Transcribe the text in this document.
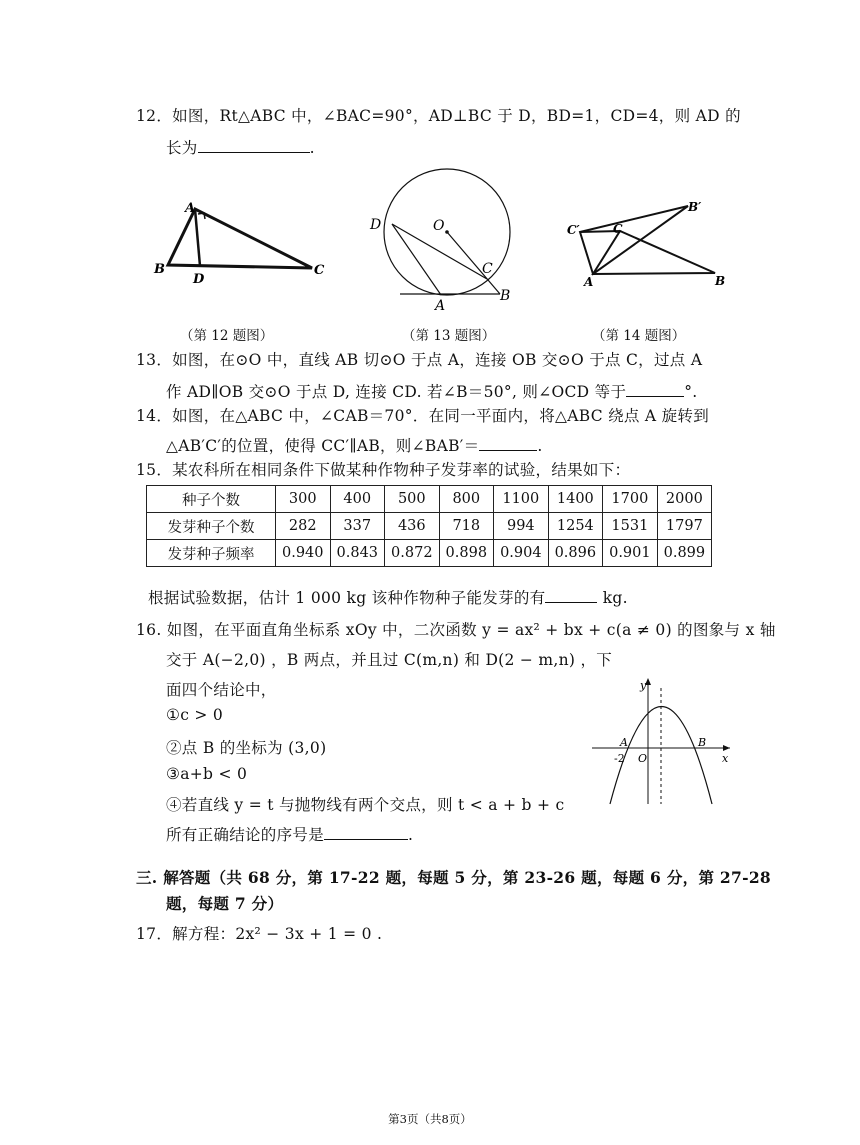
12．如图，Rt△ABC 中，∠BAC=90°，AD⊥BC 于 D，BD=1，CD=4，则 AD 的
长为	.
A
B
D
C
O
D
C
A
B
C′	C
B′
A	B
（第 12 题图）	（第 13 题图）	（第 14 题图）
13．如图，在⊙O 中，直线 AB 切⊙O 于点 A，连接 OB 交⊙O 于点 C，过点 A
作 AD∥OB 交⊙O 于点 D, 连接 CD. 若∠B＝50°, 则∠OCD 等于	°.
14．如图，在△ABC 中，∠CAB＝70°．在同一平面内，将△ABC 绕点 A 旋转到
△AB′C′的位置，使得 CC′∥AB，则∠BAB′＝	.
15．某农科所在相同条件下做某种作物种子发芽率的试验，结果如下：
种子个数	300	400	500	800	1100	1400	1700	2000
发芽种子个数	282	337	436	718	994	1254	1531	1797
发芽种子频率	0.940	0.843	0.872	0.898	0.904	0.896	0.901	0.899
根据试验数据，估计 1 000 kg 该种作物种子能发芽的有	kg.
16. 如图，在平面直角坐标系 xOy 中，二次函数 y = ax² + bx + c(a ≠ 0) 的图象与 x 轴
交于 A(−2,0) ，B 两点，并且过 C(m,n) 和 D(2 − m,n) ，下
面四个结论中，
①c > 0
②点 B 的坐标为 (3,0)
③a+b < 0
④若直线 y = t 与抛物线有两个交点，则 t < a + b + c
所有正确结论的序号是	.
y
x
A	B
O
-2
三. 解答题（共 68 分，第 17-22 题，每题 5 分，第 23-26 题，每题 6 分，第 27-28
题，每题 7 分）
17．解方程：2x² − 3x + 1 = 0 .
第3页（共8页）
